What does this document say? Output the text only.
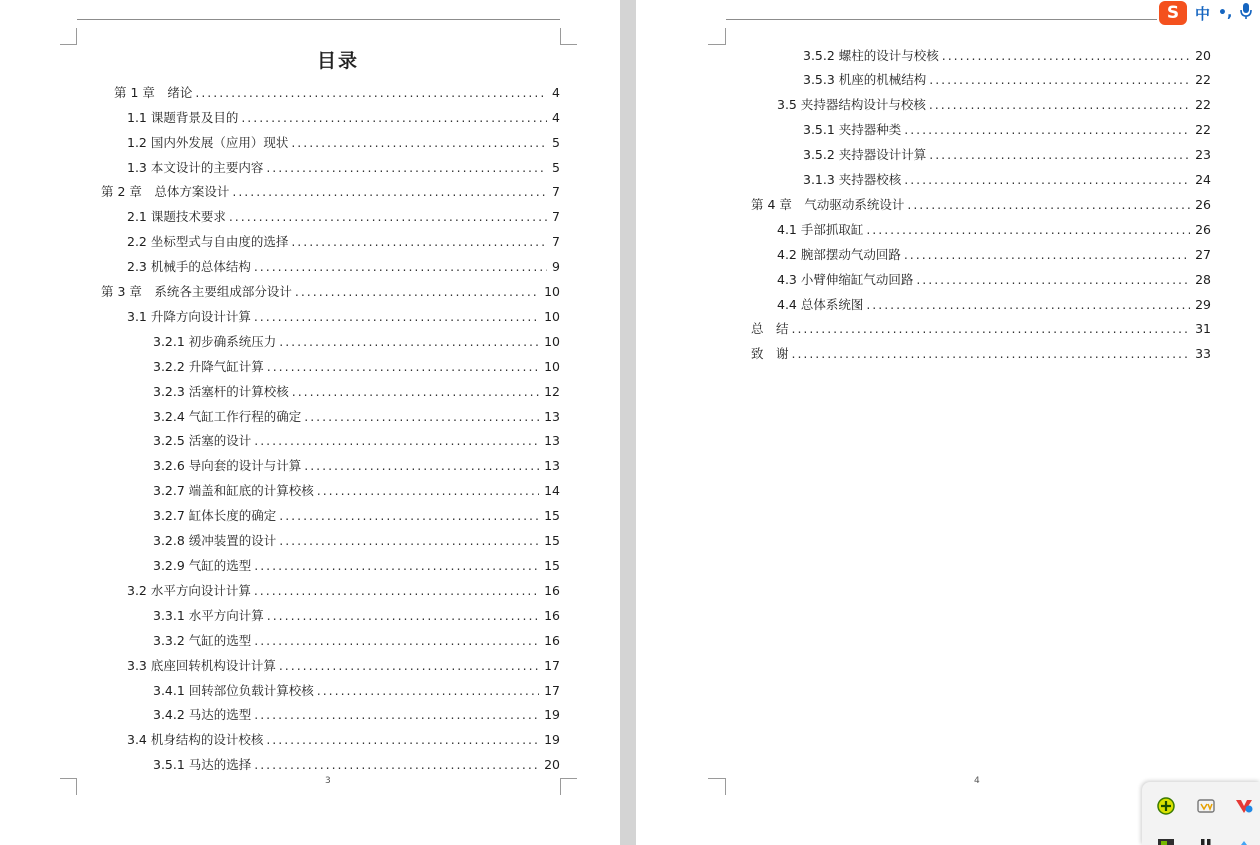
目录
第 1 章　绪论 . . .	4
1.1 课题背景及目的 . . .	4
1.2 国内外发展（应用）现状 . . .	5
1.3 本文设计的主要内容 . . .	5
第 2 章　总体方案设计 . . .	7
2.1 课题技术要求 . . .	7
2.2 坐标型式与自由度的选择 . . .	7
2.3 机械手的总体结构 . . .	9
第 3 章　系统各主要组成部分设计 . . .	10
3.1 升降方向设计计算 . . .	10
3.2.1 初步确系统压力 . . .	10
3.2.2 升降气缸计算 . . .	10
3.2.3 活塞杆的计算校核 . . .	12
3.2.4 气缸工作行程的确定 . . .	13
3.2.5 活塞的设计 . . .	13
3.2.6 导向套的设计与计算 . . .	13
3.2.7 端盖和缸底的计算校核 . . .	14
3.2.7 缸体长度的确定 . . .	15
3.2.8 缓冲装置的设计 . . .	15
3.2.9 气缸的选型 . . .	15
3.2 水平方向设计计算 . . .	16
3.3.1 水平方向计算 . . .	16
3.3.2 气缸的选型 . . .	16
3.3 底座回转机构设计计算 . . .	17
3.4.1 回转部位负载计算校核 . . .	17
3.4.2 马达的选型 . . .	19
3.4 机身结构的设计校核 . . .	19
3.5.1 马达的选择 . . .	20
3
3.5.2 螺柱的设计与校核 . . .	20
3.5.3 机座的机械结构 . . .	22
3.5 夹持器结构设计与校核 . . .	22
3.5.1 夹持器种类 . . .	22
3.5.2 夹持器设计计算 . . .	23
3.1.3 夹持器校核 . . .	24
第 4 章　气动驱动系统设计 . . .	26
4.1 手部抓取缸 . . .	26
4.2 腕部摆动气动回路 . . .	27
4.3 小臂伸缩缸气动回路 . . .	28
4.4 总体系统图 . . .	29
总　结 . . .	31
致　谢 . . .	33
4
S	中 •,
